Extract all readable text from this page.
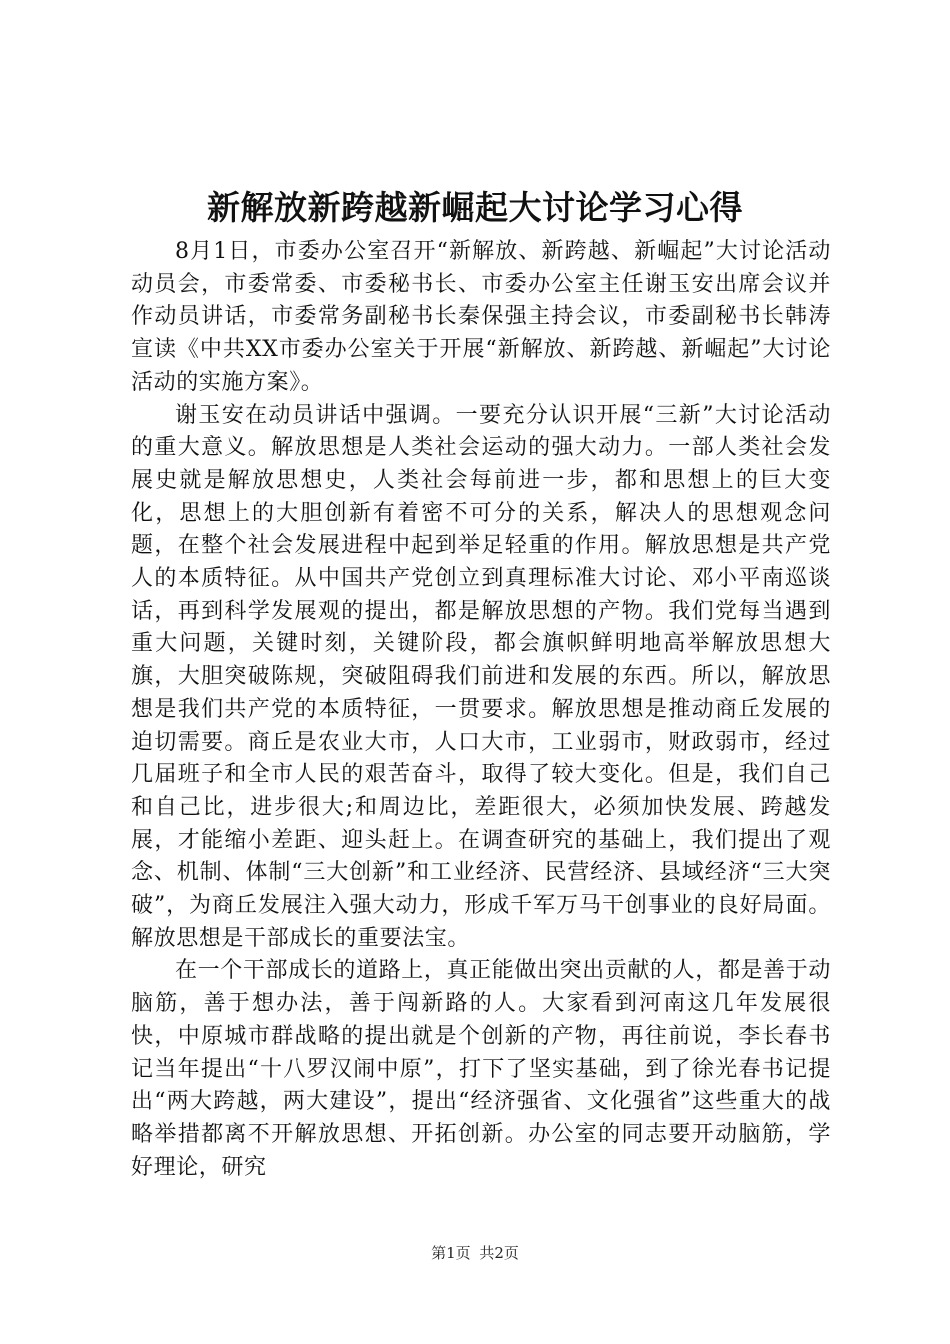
新解放新跨越新崛起大讨论学习心得

8月1日，市委办公室召开“新解放、新跨越、新崛起”大讨论活动动员会，市委常委、市委秘书长、市委办公室主任谢玉安出席会议并作动员讲话，市委常务副秘书长秦保强主持会议，市委副秘书长韩涛宣读《中共XX市委办公室关于开展“新解放、新跨越、新崛起”大讨论活动的实施方案》。

谢玉安在动员讲话中强调。一要充分认识开展“三新”大讨论活动的重大意义。解放思想是人类社会运动的强大动力。一部人类社会发展史就是解放思想史，人类社会每前进一步，都和思想上的巨大变化，思想上的大胆创新有着密不可分的关系，解决人的思想观念问题，在整个社会发展进程中起到举足轻重的作用。解放思想是共产党人的本质特征。从中国共产党创立到真理标准大讨论、邓小平南巡谈话，再到科学发展观的提出，都是解放思想的产物。我们党每当遇到重大问题，关键时刻，关键阶段，都会旗帜鲜明地高举解放思想大旗，大胆突破陈规，突破阻碍我们前进和发展的东西。所以，解放思想是我们共产党的本质特征，一贯要求。解放思想是推动商丘发展的迫切需要。商丘是农业大市，人口大市，工业弱市，财政弱市，经过几届班子和全市人民的艰苦奋斗，取得了较大变化。但是，我们自己和自己比，进步很大;和周边比，差距很大，必须加快发展、跨越发展，才能缩小差距、迎头赶上。在调查研究的基础上，我们提出了观念、机制、体制“三大创新”和工业经济、民营经济、县域经济“三大突破”，为商丘发展注入强大动力，形成千军万马干创事业的良好局面。解放思想是干部成长的重要法宝。

在一个干部成长的道路上，真正能做出突出贡献的人，都是善于动脑筋，善于想办法，善于闯新路的人。大家看到河南这几年发展很快，中原城市群战略的提出就是个创新的产物，再往前说，李长春书记当年提出“十八罗汉闹中原”，打下了坚实基础，到了徐光春书记提出“两大跨越，两大建设”，提出“经济强省、文化强省”这些重大的战略举措都离不开解放思想、开拓创新。办公室的同志要开动脑筋，学好理论，研究

第1页 共2页
